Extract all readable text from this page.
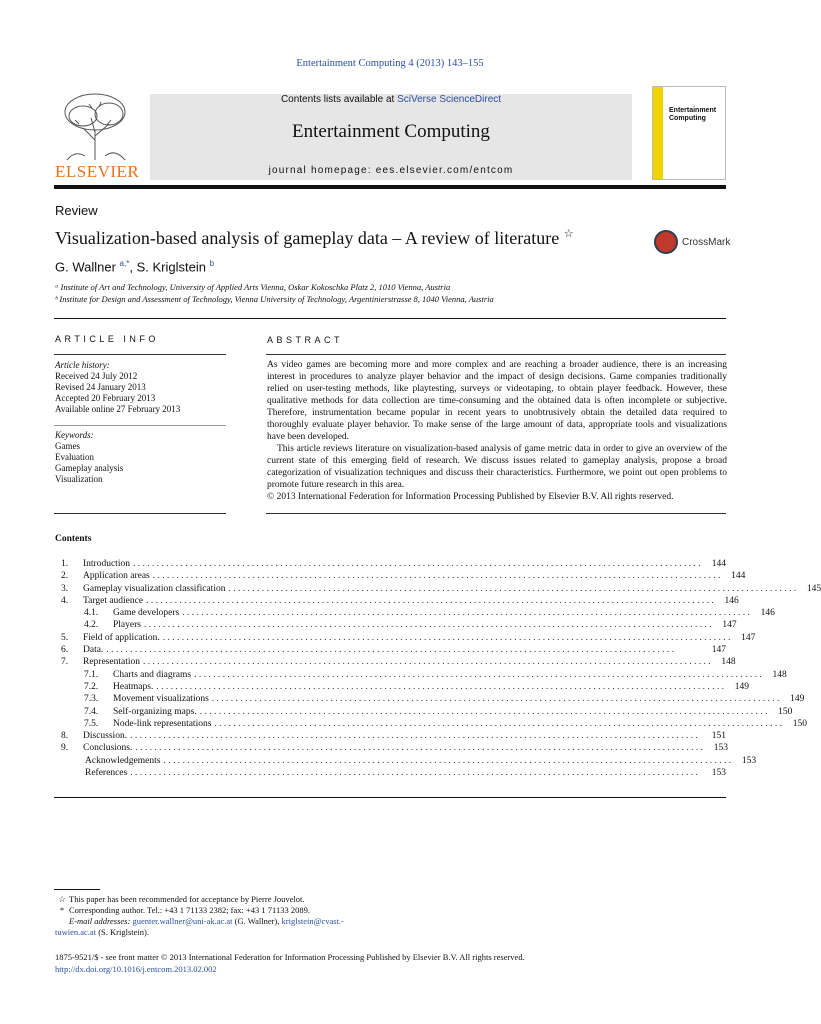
Entertainment Computing 4 (2013) 143–155
ELSEVIER
Contents lists available at SciVerse ScienceDirect
Entertainment Computing
journal homepage: ees.elsevier.com/entcom
Entertainment Computing
Review
Visualization-based analysis of gameplay data – A review of literature ☆
CrossMark
G. Wallner $^{a,*}$, S. Kriglstein $^b$
ᵃ Institute of Art and Technology, University of Applied Arts Vienna, Oskar Kokoschka Platz 2, 1010 Vienna, Austria
ᵇ Institute for Design and Assessment of Technology, Vienna University of Technology, Argentinierstrasse 8, 1040 Vienna, Austria
ARTICLE INFO
Article history:
Received 24 July 2012
Revised 24 January 2013
Accepted 20 February 2013
Available online 27 February 2013
Keywords:
Games
Evaluation
Gameplay analysis
Visualization
ABSTRACT

As video games are becoming more and more complex and are reaching a broader audience, there is an increasing interest in procedures to analyze player behavior and the impact of design decisions. Game companies traditionally relied on user-testing methods, like playtesting, surveys or videotaping, to obtain player feedback. However, these qualitative methods for data collection are time-consuming and the obtained data is often incomplete or subjective. Therefore, instrumentation became popular in recent years to unobtrusively obtain the detailed data required to thoroughly evaluate player behavior. To make sense of the large amount of data, appropriate tools and visualizations have been developed.

This article reviews literature on visualization-based analysis of game metric data in order to give an overview of the current state of this emerging field of research. We discuss issues related to gameplay analysis, propose a broad categorization of visualization techniques and discuss their characteristics. Furthermore, we point out open problems to promote future research in this area.

© 2013 International Federation for Information Processing Published by Elsevier B.V. All rights reserved.

Contents
1.	Introduction . . . . . . . . . . . . . . . . . . . . . . . . . . . . . . . . . . . . . . . . . . . . . . . . . . . . . . . . . . . . . . . . . . . . . . . . . . . . . . . . . . . . . . . . . . . . . . . . . . . . . . . . . . . . . . . . . . . . . . . .	144
2.	Application areas . . . . . . . . . . . . . . . . . . . . . . . . . . . . . . . . . . . . . . . . . . . . . . . . . . . . . . . . . . . . . . . . . . . . . . . . . . . . . . . . . . . . . . . . . . . . . . . . . . . . . . . . . . . . . . . . . . . . . . . .	144
3.	Gameplay visualization classification . . . . . . . . . . . . . . . . . . . . . . . . . . . . . . . . . . . . . . . . . . . . . . . . . . . . . . . . . . . . . . . . . . . . . . . . . . . . . . . . . . . . . . . . . . . . . . . . . . . . . . . . . . . . . . . . . . . . . . . .	145
4.	Target audience . . . . . . . . . . . . . . . . . . . . . . . . . . . . . . . . . . . . . . . . . . . . . . . . . . . . . . . . . . . . . . . . . . . . . . . . . . . . . . . . . . . . . . . . . . . . . . . . . . . . . . . . . . . . . . . . . . . . . . . .	146
4.1.	Game developers . . . . . . . . . . . . . . . . . . . . . . . . . . . . . . . . . . . . . . . . . . . . . . . . . . . . . . . . . . . . . . . . . . . . . . . . . . . . . . . . . . . . . . . . . . . . . . . . . . . . . . . . . . . . . . . . . . . . . . . .	146
4.2.	Players . . . . . . . . . . . . . . . . . . . . . . . . . . . . . . . . . . . . . . . . . . . . . . . . . . . . . . . . . . . . . . . . . . . . . . . . . . . . . . . . . . . . . . . . . . . . . . . . . . . . . . . . . . . . . . . . . . . . . . . .	147
5.	Field of application. . . . . . . . . . . . . . . . . . . . . . . . . . . . . . . . . . . . . . . . . . . . . . . . . . . . . . . . . . . . . . . . . . . . . . . . . . . . . . . . . . . . . . . . . . . . . . . . . . . . . . . . . . . . . . . . . . . . . . . . .	147
6.	Data. . . . . . . . . . . . . . . . . . . . . . . . . . . . . . . . . . . . . . . . . . . . . . . . . . . . . . . . . . . . . . . . . . . . . . . . . . . . . . . . . . . . . . . . . . . . . . . . . . . . . . . . . . . . . . . . . . . . . . . . .	147
7.	Representation . . . . . . . . . . . . . . . . . . . . . . . . . . . . . . . . . . . . . . . . . . . . . . . . . . . . . . . . . . . . . . . . . . . . . . . . . . . . . . . . . . . . . . . . . . . . . . . . . . . . . . . . . . . . . . . . . . . . . . . .	148
7.1.	Charts and diagrams . . . . . . . . . . . . . . . . . . . . . . . . . . . . . . . . . . . . . . . . . . . . . . . . . . . . . . . . . . . . . . . . . . . . . . . . . . . . . . . . . . . . . . . . . . . . . . . . . . . . . . . . . . . . . . . . . . . . . . . .	148
7.2.	Heatmaps. . . . . . . . . . . . . . . . . . . . . . . . . . . . . . . . . . . . . . . . . . . . . . . . . . . . . . . . . . . . . . . . . . . . . . . . . . . . . . . . . . . . . . . . . . . . . . . . . . . . . . . . . . . . . . . . . . . . . . . . .	149
7.3.	Movement visualizations . . . . . . . . . . . . . . . . . . . . . . . . . . . . . . . . . . . . . . . . . . . . . . . . . . . . . . . . . . . . . . . . . . . . . . . . . . . . . . . . . . . . . . . . . . . . . . . . . . . . . . . . . . . . . . . . . . . . . . . .	149
7.4.	Self-organizing maps. . . . . . . . . . . . . . . . . . . . . . . . . . . . . . . . . . . . . . . . . . . . . . . . . . . . . . . . . . . . . . . . . . . . . . . . . . . . . . . . . . . . . . . . . . . . . . . . . . . . . . . . . . . . . . . . . . . . . . . . .	150
7.5.	Node-link representations . . . . . . . . . . . . . . . . . . . . . . . . . . . . . . . . . . . . . . . . . . . . . . . . . . . . . . . . . . . . . . . . . . . . . . . . . . . . . . . . . . . . . . . . . . . . . . . . . . . . . . . . . . . . . . . . . . . . . . . .	150
8.	Discussion. . . . . . . . . . . . . . . . . . . . . . . . . . . . . . . . . . . . . . . . . . . . . . . . . . . . . . . . . . . . . . . . . . . . . . . . . . . . . . . . . . . . . . . . . . . . . . . . . . . . . . . . . . . . . . . . . . . . . . . . .	151
9.	Conclusions. . . . . . . . . . . . . . . . . . . . . . . . . . . . . . . . . . . . . . . . . . . . . . . . . . . . . . . . . . . . . . . . . . . . . . . . . . . . . . . . . . . . . . . . . . . . . . . . . . . . . . . . . . . . . . . . . . . . . . . . .	153
Acknowledgements . . . . . . . . . . . . . . . . . . . . . . . . . . . . . . . . . . . . . . . . . . . . . . . . . . . . . . . . . . . . . . . . . . . . . . . . . . . . . . . . . . . . . . . . . . . . . . . . . . . . . . . . . . . . . . . . . . . . . . . .	153
References . . . . . . . . . . . . . . . . . . . . . . . . . . . . . . . . . . . . . . . . . . . . . . . . . . . . . . . . . . . . . . . . . . . . . . . . . . . . . . . . . . . . . . . . . . . . . . . . . . . . . . . . . . . . . . . . . . . . . . . .	153
☆ This paper has been recommended for acceptance by Pierre Jouvelot.
* Corresponding author. Tel.: +43 1 71133 2382; fax: +43 1 71133 2089.
E-mail addresses: guenter.wallner@uni-ak.ac.at (G. Wallner), kriglstein@cvast.-
tuwien.ac.at (S. Kriglstein).
1875-9521/$ - see front matter © 2013 International Federation for Information Processing Published by Elsevier B.V. All rights reserved.
http://dx.doi.org/10.1016/j.entcom.2013.02.002
